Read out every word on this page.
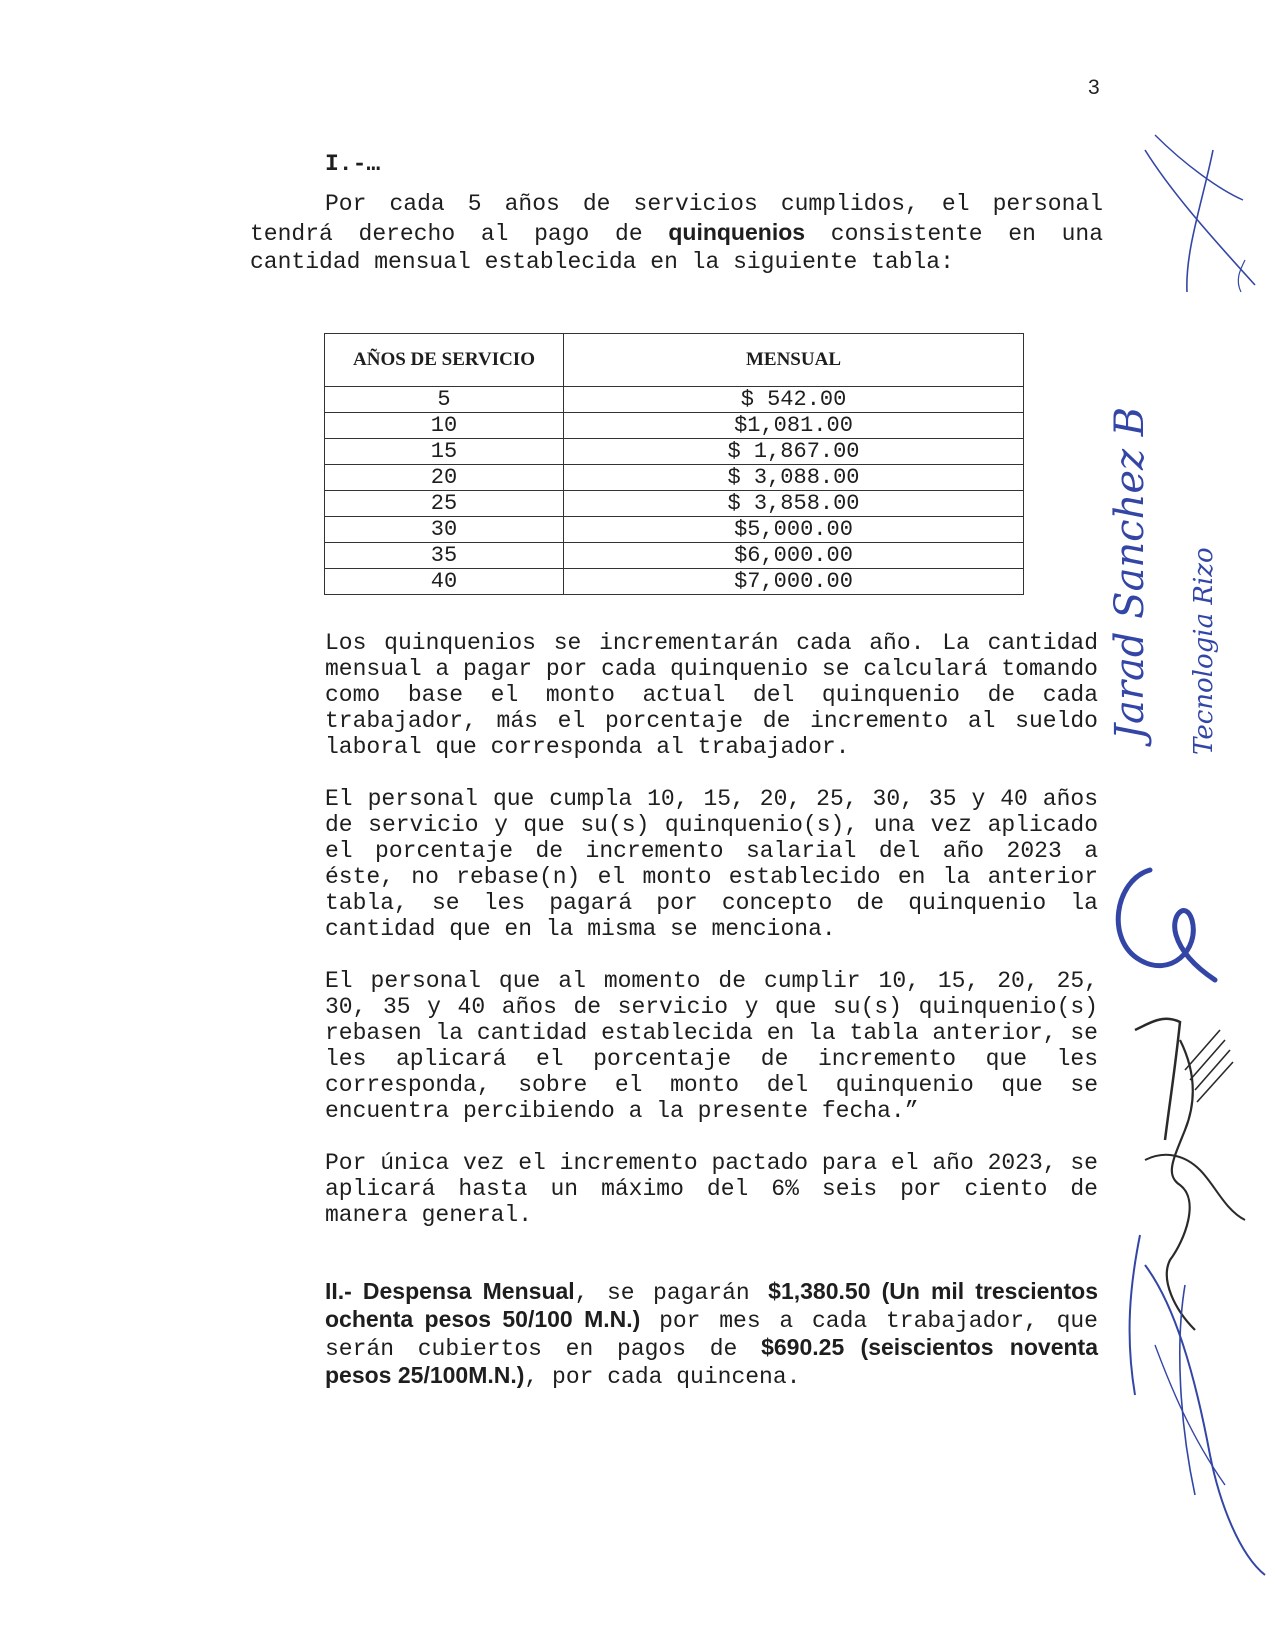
3
I.-…
Por cada 5 años de servicios cumplidos, el personal tendrá derecho al pago de quinquenios consistente en una cantidad mensual establecida en la siguiente tabla:
AÑOS DE SERVICIO	MENSUAL
5	$ 542.00
10	$1,081.00
15	$ 1,867.00
20	$ 3,088.00
25	$ 3,858.00
30	$5,000.00
35	$6,000.00
40	$7,000.00
Los quinquenios se incrementarán cada año. La cantidad mensual a pagar por cada quinquenio se calculará tomando como base el monto actual del quinquenio de cada trabajador, más el porcentaje de incremento al sueldo laboral que corresponda al trabajador.
El personal que cumpla 10, 15, 20, 25, 30, 35 y 40 años de servicio y que su(s) quinquenio(s), una vez aplicado el porcentaje de incremento salarial del año 2023 a éste, no rebase(n) el monto establecido en la anterior tabla, se les pagará por concepto de quinquenio la cantidad que en la misma se menciona.
El personal que al momento de cumplir 10, 15, 20, 25, 30, 35 y 40 años de servicio y que su(s) quinquenio(s) rebasen la cantidad establecida en la tabla anterior, se les aplicará el porcentaje de incremento que les corresponda, sobre el monto del quinquenio que se encuentra percibiendo a la presente fecha.”
Por única vez el incremento pactado para el año 2023, se aplicará hasta un máximo del 6% seis por ciento de manera general.
II.- Despensa Mensual, se pagarán $1,380.50 (Un mil trescientos ochenta pesos 50/100 M.N.) por mes a cada trabajador, que serán cubiertos en pagos de $690.25 (seiscientos noventa pesos 25/100M.N.), por cada quincena.
Jarad Sanchez B Tecnologia Rizo
